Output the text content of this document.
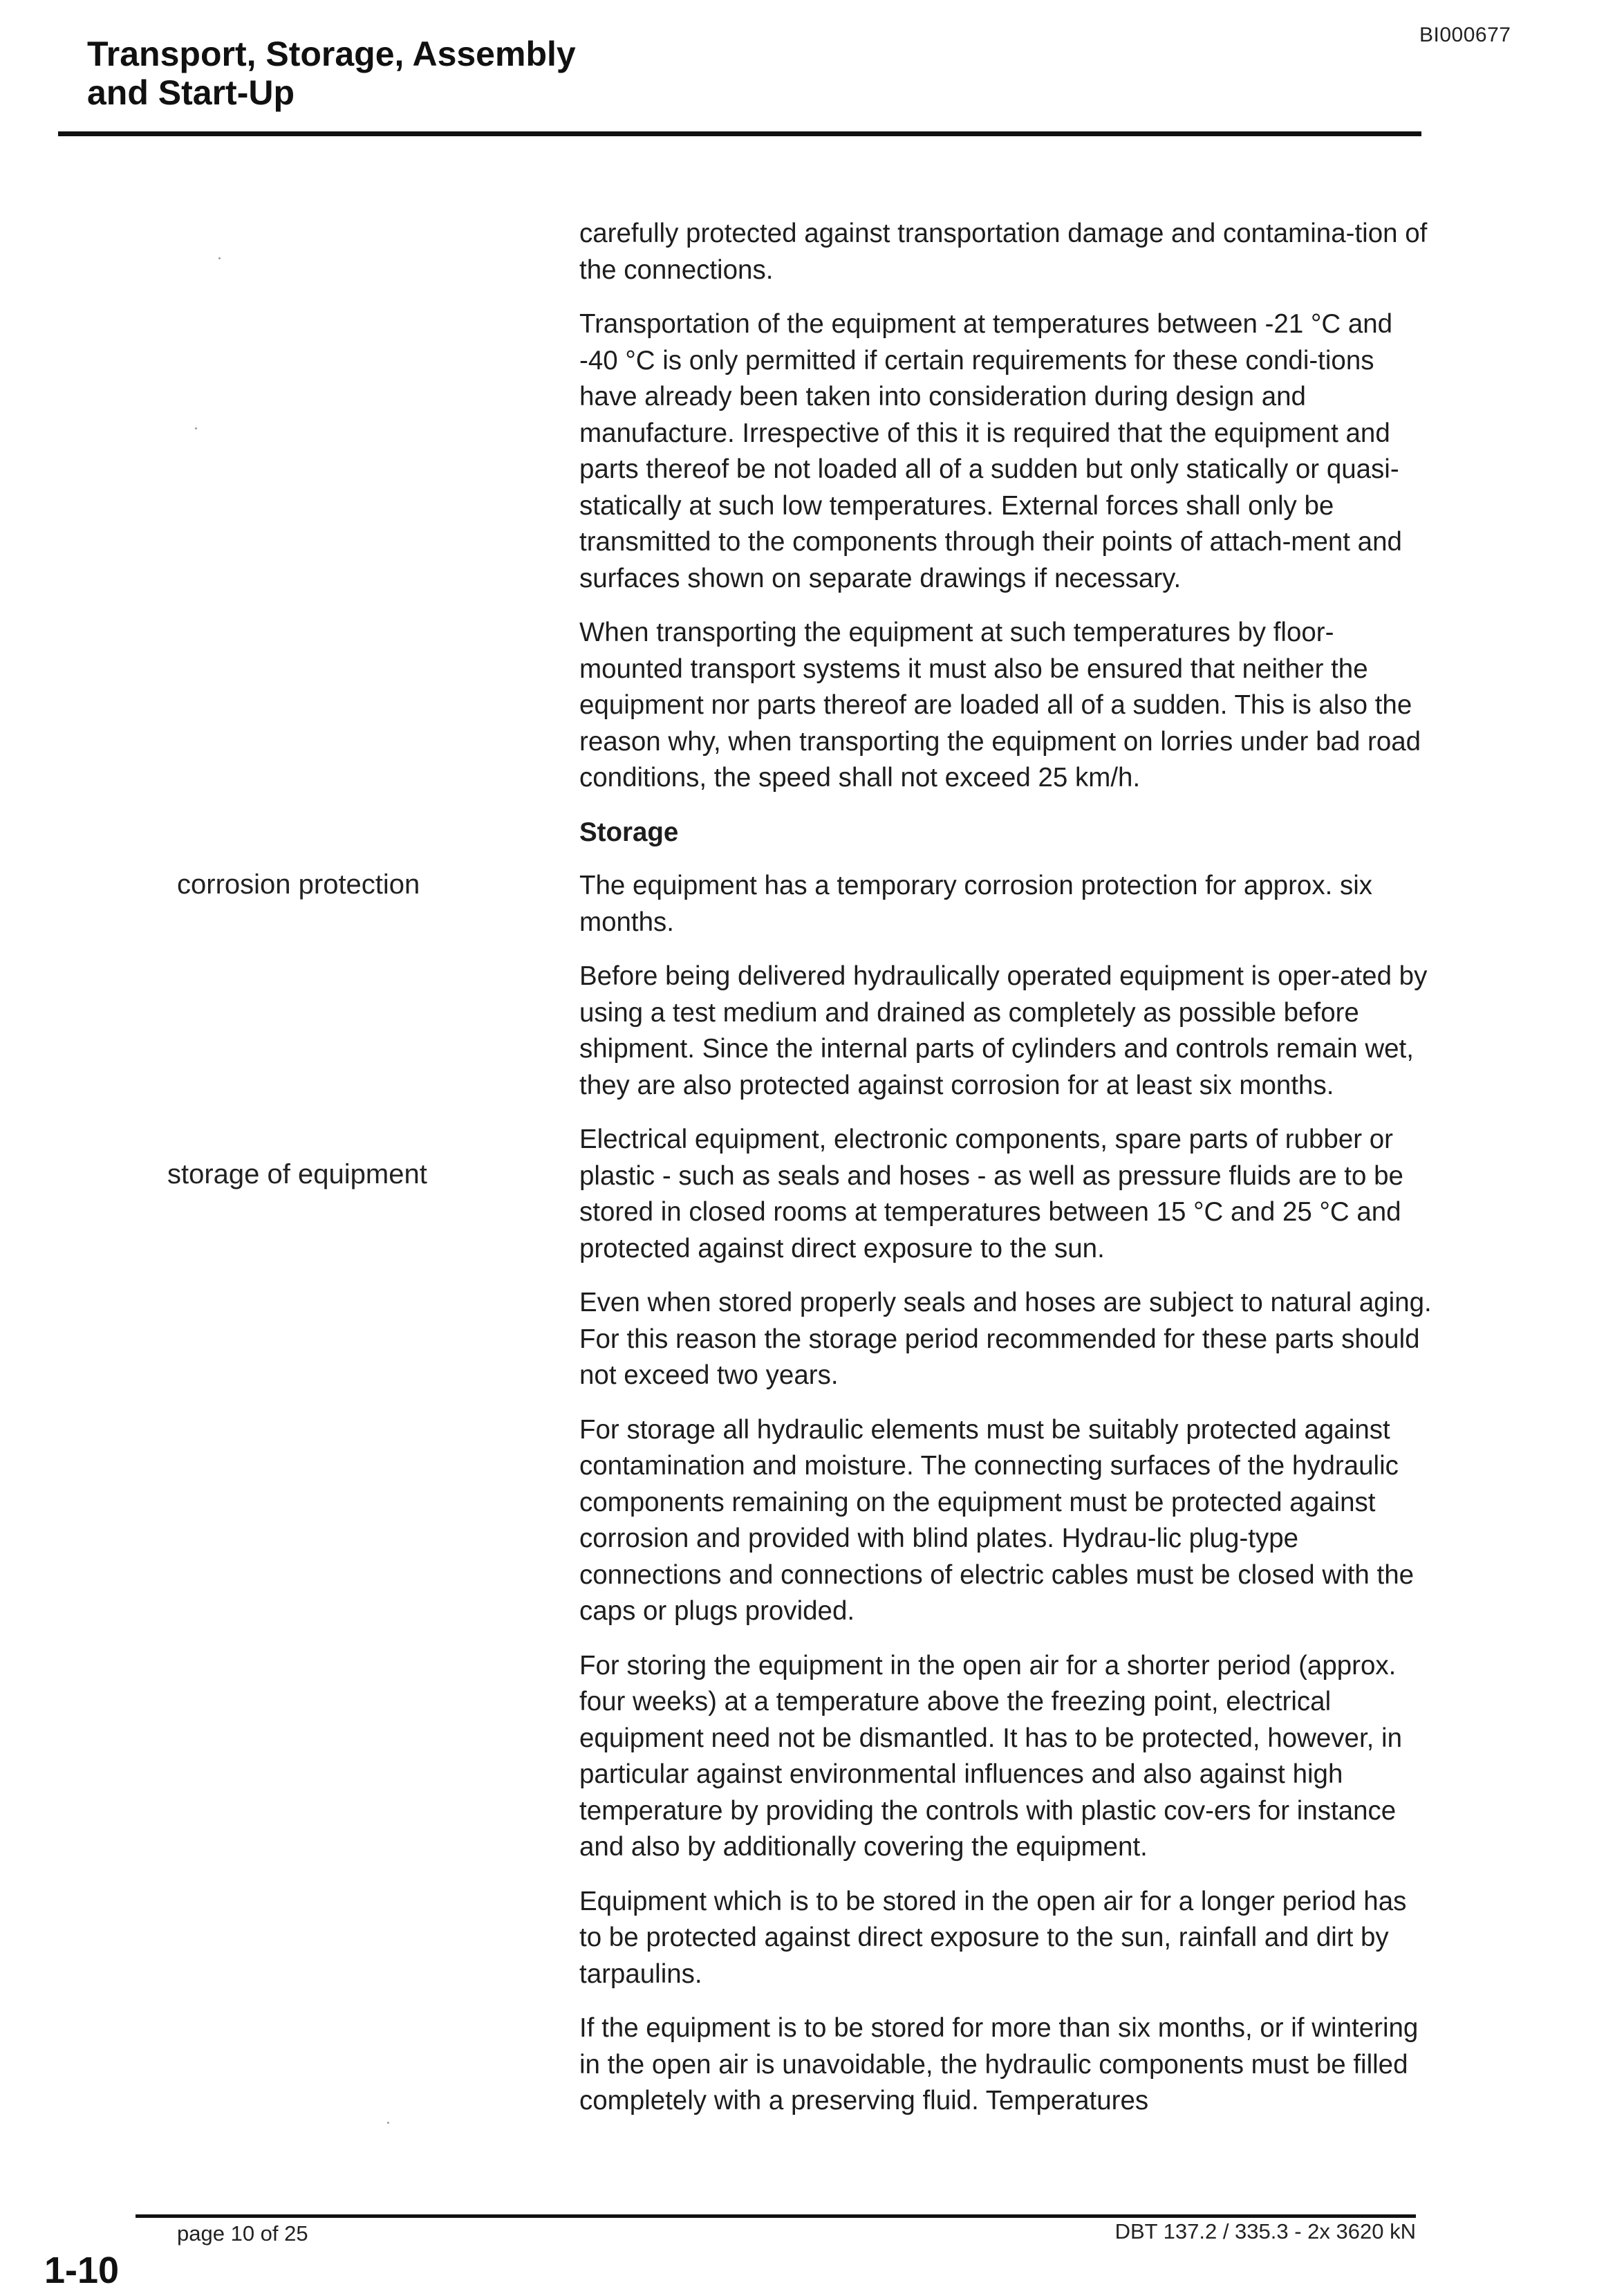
Transport, Storage, Assembly
and Start-Up
BI000677
corrosion protection
storage of equipment

carefully protected against transportation damage and contamina-tion of the connections.

Transportation of the equipment at temperatures between -21 °C and -40 °C is only permitted if certain requirements for these condi-tions have already been taken into consideration during design and manufacture. Irrespective of this it is required that the equipment and parts thereof be not loaded all of a sudden but only statically or quasi-statically at such low temperatures. External forces shall only be transmitted to the components through their points of attach-ment and surfaces shown on separate drawings if necessary.

When transporting the equipment at such temperatures by floor-mounted transport systems it must also be ensured that neither the equipment nor parts thereof are loaded all of a sudden. This is also the reason why, when transporting the equipment on lorries under bad road conditions, the speed shall not exceed 25 km/h.

Storage

The equipment has a temporary corrosion protection for approx. six months.

Before being delivered hydraulically operated equipment is oper-ated by using a test medium and drained as completely as possible before shipment. Since the internal parts of cylinders and controls remain wet, they are also protected against corrosion for at least six months.

Electrical equipment, electronic components, spare parts of rubber or plastic - such as seals and hoses - as well as pressure fluids are to be stored in closed rooms at temperatures between 15 °C and 25 °C and protected against direct exposure to the sun.

Even when stored properly seals and hoses are subject to natural aging. For this reason the storage period recommended for these parts should not exceed two years.

For storage all hydraulic elements must be suitably protected against contamination and moisture. The connecting surfaces of the hydraulic components remaining on the equipment must be protected against corrosion and provided with blind plates. Hydrau-lic plug-type connections and connections of electric cables must be closed with the caps or plugs provided.

For storing the equipment in the open air for a shorter period (approx. four weeks) at a temperature above the freezing point, electrical equipment need not be dismantled. It has to be protected, however, in particular against environmental influences and also against high temperature by providing the controls with plastic cov-ers for instance and also by additionally covering the equipment.

Equipment which is to be stored in the open air for a longer period has to be protected against direct exposure to the sun, rainfall and dirt by tarpaulins.

If the equipment is to be stored for more than six months, or if wintering in the open air is unavoidable, the hydraulic components must be filled completely with a preserving fluid. Temperatures

page 10 of 25	DBT 137.2 / 335.3 - 2x 3620 kN
1-10
